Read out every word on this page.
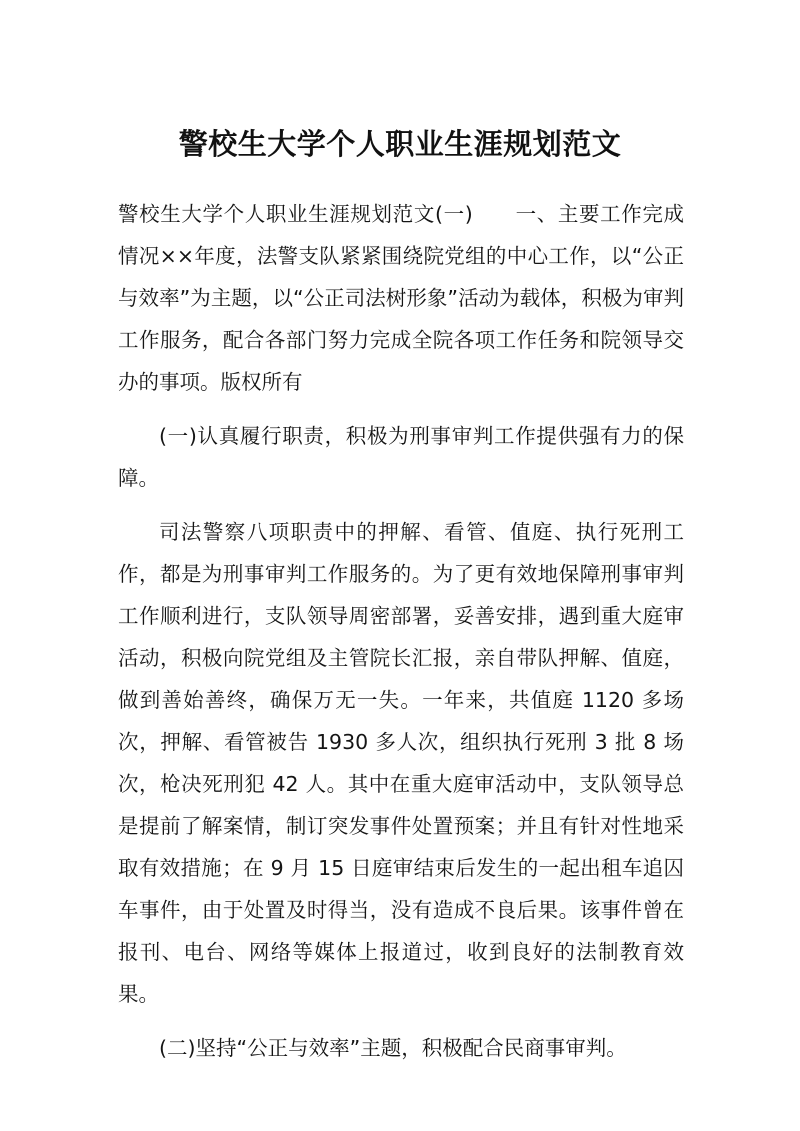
警校生大学个人职业生涯规划范文

警校生大学个人职业生涯规划范文(一)　　一、主要工作完成情况××年度，法警支队紧紧围绕院党组的中心工作，以“公正与效率”为主题，以“公正司法树形象”活动为载体，积极为审判工作服务，配合各部门努力完成全院各项工作任务和院领导交办的事项。版权所有

(一)认真履行职责，积极为刑事审判工作提供强有力的保障。

司法警察八项职责中的押解、看管、值庭、执行死刑工作，都是为刑事审判工作服务的。为了更有效地保障刑事审判工作顺利进行，支队领导周密部署，妥善安排，遇到重大庭审活动，积极向院党组及主管院长汇报，亲自带队押解、值庭，做到善始善终，确保万无一失。一年来，共值庭 1120 多场次，押解、看管被告 1930 多人次，组织执行死刑 3 批 8 场次，枪决死刑犯 42 人。其中在重大庭审活动中，支队领导总是提前了解案情，制订突发事件处置预案；并且有针对性地采取有效措施；在 9 月 15 日庭审结束后发生的一起出租车追囚车事件，由于处置及时得当，没有造成不良后果。该事件曾在报刊、电台、网络等媒体上报道过，收到良好的法制教育效果。

(二)坚持“公正与效率”主题，积极配合民商事审判。
